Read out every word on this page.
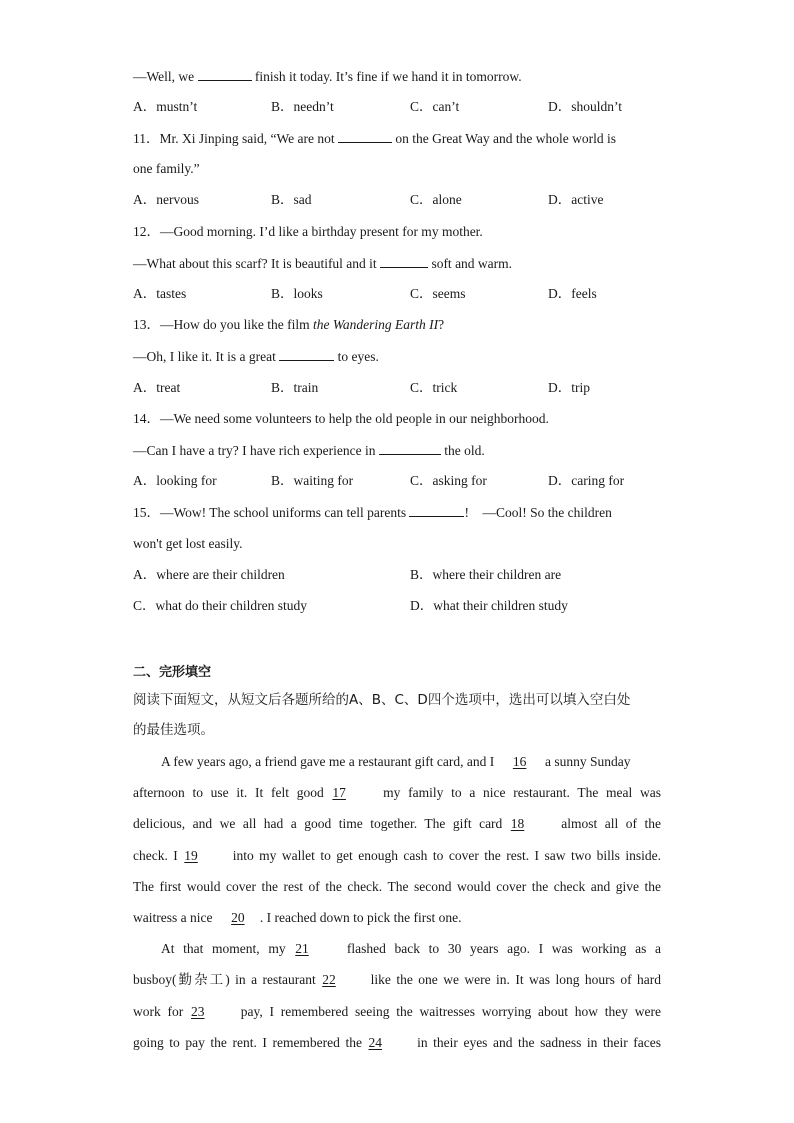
—Well, we	finish it today. It’s fine if we hand it in tomorrow.
A．mustn’t	B．needn’t	C．can’t	D．shouldn’t
11．Mr. Xi Jinping said, “We are not	on the Great Way and the whole world is
one family.”
A．nervous	B．sad	C．alone	D．active
12．—Good morning. I’d like a birthday present for my mother.
—What about this scarf? It is beautiful and it	soft and warm.
A．tastes	B．looks	C．seems	D．feels
13．—How do you like the film the Wandering Earth II?
—Oh, I like it. It is a great	to eyes.
A．treat	B．train	C．trick	D．trip
14．—We need some volunteers to help the old people in our neighborhood.
—Can I have a try? I have rich experience in	the old.
A．looking for	B．waiting for	C．asking for	D．caring for
15．—Wow! The school uniforms can tell parents	!　—Cool! So the children
won't get lost easily.
A．where are their children	B．where their children are
C．what do their children study	D．what their children study
二、完形填空
阅读下面短文，从短文后各题所给的A、B、C、D四个选项中，选出可以填入空白处
的最佳选项。
A few years ago, a friend gave me a restaurant gift card, and I 16 a sunny Sunday
afternoon to use it. It felt good 17 my family to a nice restaurant. The meal was
delicious, and we all had a good time together. The gift card 18 almost all of the
check. I 19 into my wallet to get enough cash to cover the rest. I saw two bills inside.
The first would cover the rest of the check. The second would cover the check and give the
waitress a nice 20 . I reached down to pick the first one.
At that moment, my 21 flashed back to 30 years ago. I was working as a
busboy(勤杂工) in a restaurant 22 like the one we were in. It was long hours of hard
work for 23 pay, I remembered seeing the waitresses worrying about how they were
going to pay the rent. I remembered the 24 in their eyes and the sadness in their faces
